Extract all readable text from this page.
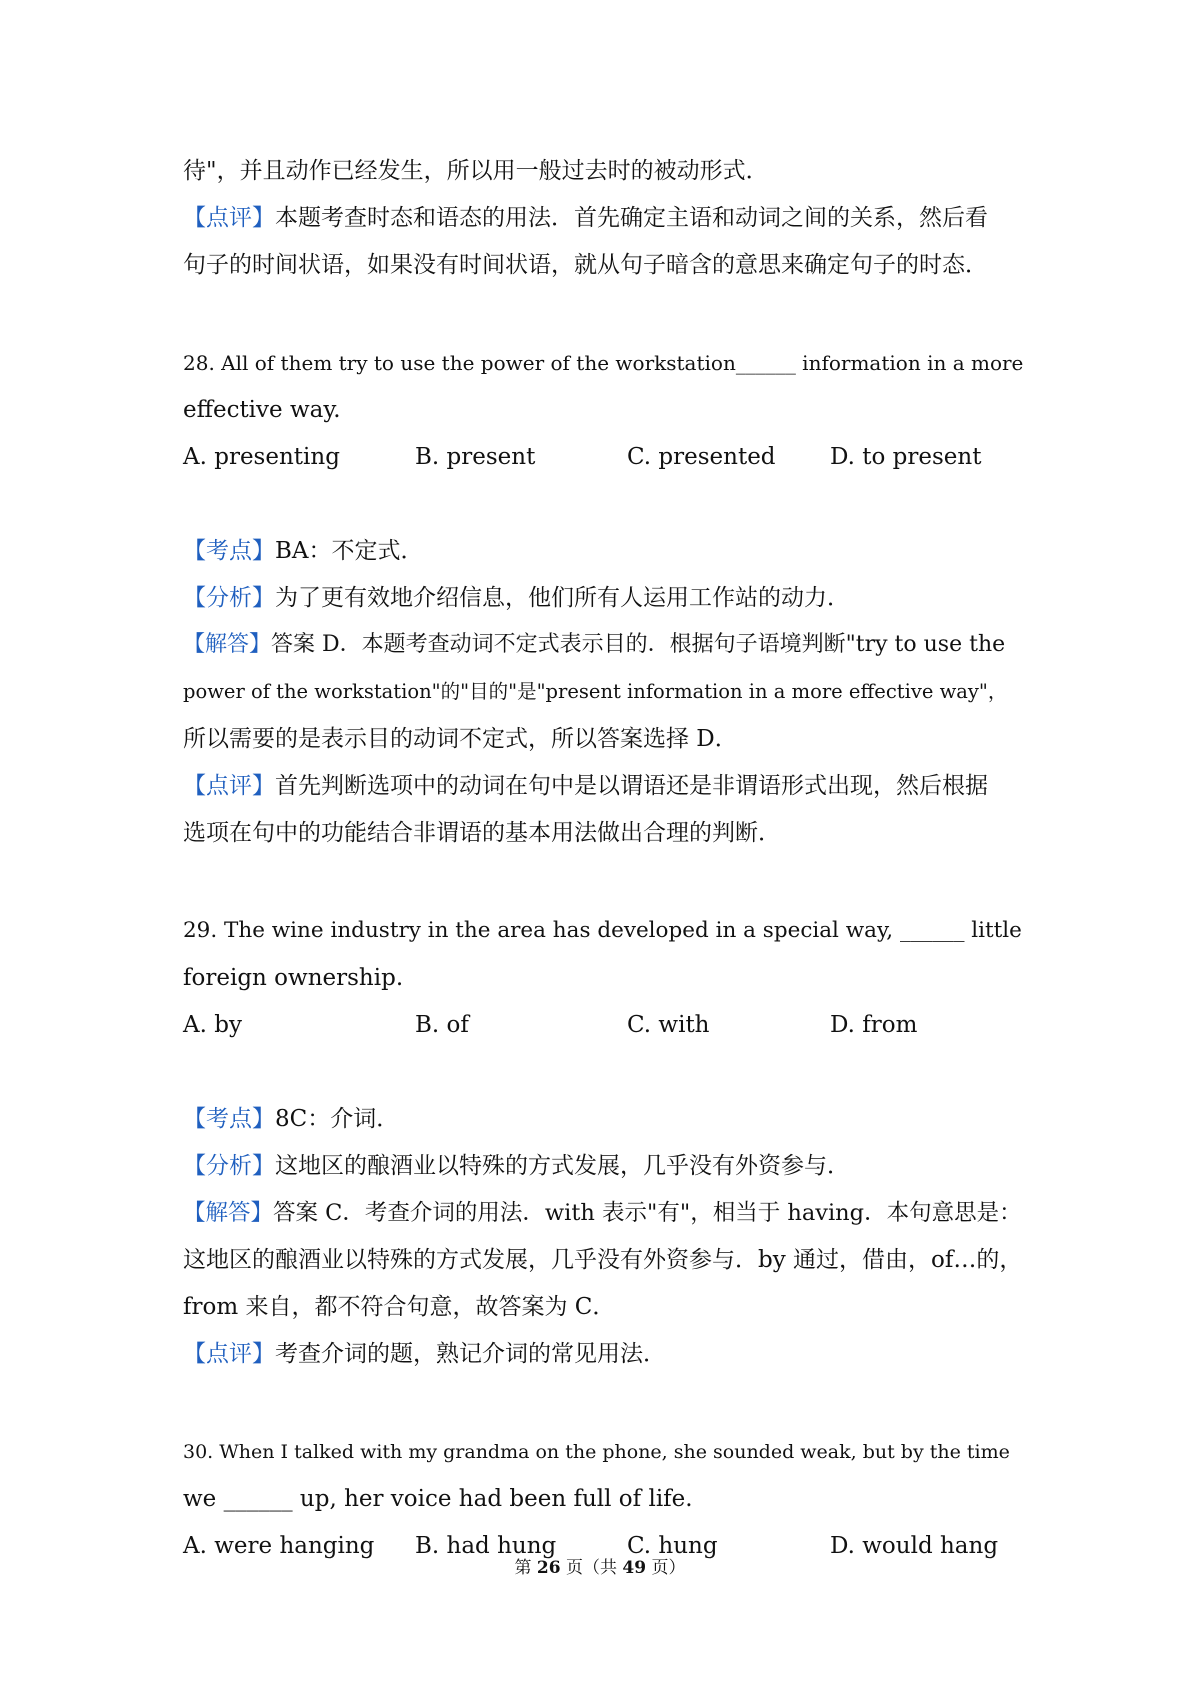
待"，并且动作已经发生，所以用一般过去时的被动形式．
【点评】本题考查时态和语态的用法．首先确定主语和动词之间的关系，然后看
句子的时间状语，如果没有时间状语，就从句子暗含的意思来确定句子的时态．
28. All of them try to use the power of the workstation______ information in a more
effective way.
A. presenting	B. present	C. presented D. to present
【考点】BA：不定式．
【分析】为了更有效地介绍信息，他们所有人运用工作站的动力．
【解答】答案 D．本题考查动词不定式表示目的．根据句子语境判断"try to use the
power of the workstation"的"目的"是"present information in a more effective way"，
所以需要的是表示目的动词不定式，所以答案选择 D．
【点评】首先判断选项中的动词在句中是以谓语还是非谓语形式出现，然后根据
选项在句中的功能结合非谓语的基本用法做出合理的判断．
29. The wine industry in the area has developed in a special way, ______ little
foreign ownership.
A. by	B. of	C. with	D. from
【考点】8C：介词．
【分析】这地区的酿酒业以特殊的方式发展，几乎没有外资参与．
【解答】答案 C．考查介词的用法．with 表示"有"，相当于 having．本句意思是：
这地区的酿酒业以特殊的方式发展，几乎没有外资参与．by 通过，借由，of…的，
from 来自，都不符合句意，故答案为 C．
【点评】考查介词的题，熟记介词的常见用法．
30. When I talked with my grandma on the phone, she sounded weak, but by the time
we ______ up, her voice had been full of life.
A. were hanging B. had hung	C. hung	D. would hang
第 26 页（共 49 页）
